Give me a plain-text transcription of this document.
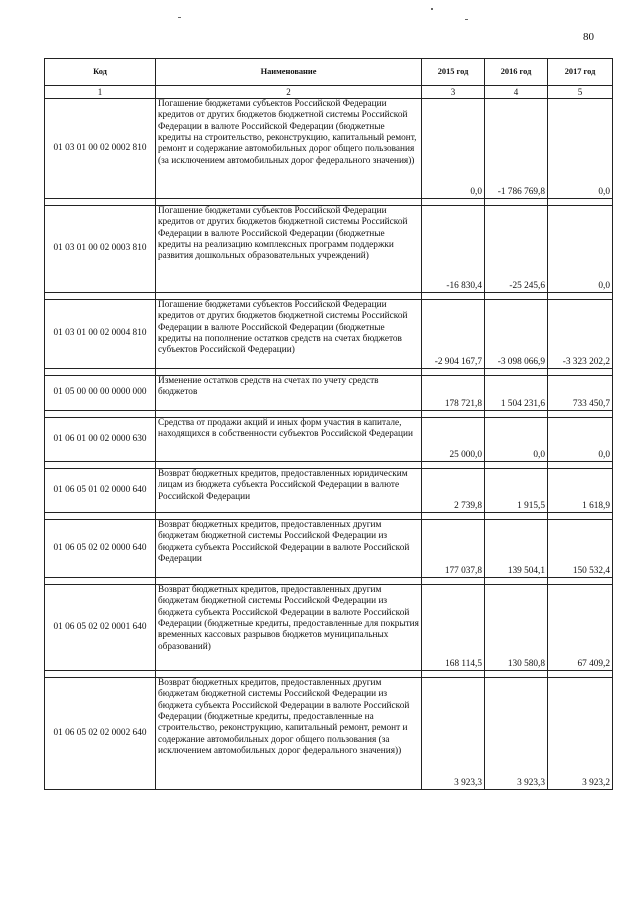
80
Код	Наименование	2015 год	2016 год	2017 год
1	2	3	4	5
01 03 01 00 02 0002 810	Погашение бюджетами субъектов Российской Федерации кредитов от других бюджетов бюджетной системы Российской Федерации в валюте Российской Федерации (бюджетные кредиты на строительство, реконструкцию, капитальный ремонт, ремонт и содержание автомобильных дорог общего пользования (за исключением автомобильных дорог федерального значения))	0,0	-1 786 769,8	0,0

01 03 01 00 02 0003 810	Погашение бюджетами субъектов Российской Федерации кредитов от других бюджетов бюджетной системы Российской Федерации в валюте Российской Федерации (бюджетные кредиты на реализацию комплексных программ поддержки развития дошкольных образовательных учреждений)	-16 830,4	-25 245,6	0,0

01 03 01 00 02 0004 810	Погашение бюджетами субъектов Российской Федерации кредитов от других бюджетов бюджетной системы Российской Федерации в валюте Российской Федерации (бюджетные кредиты на пополнение остатков средств на счетах бюджетов субъектов Российской Федерации)	-2 904 167,7	-3 098 066,9	-3 323 202,2

01 05 00 00 00 0000 000	Изменение остатков средств на счетах по учету средств бюджетов	178 721,8	1 504 231,6	733 450,7

01 06 01 00 02 0000 630	Средства от продажи акций и иных форм участия в капитале, находящихся в собственности субъектов Российской Федерации	25 000,0	0,0	0,0

01 06 05 01 02 0000 640	Возврат бюджетных кредитов, предоставленных юридическим лицам из бюджета субъекта Российской Федерации в валюте Российской Федерации	2 739,8	1 915,5	1 618,9

01 06 05 02 02 0000 640	Возврат бюджетных кредитов, предоставленных другим бюджетам бюджетной системы Российской Федерации из бюджета субъекта Российской Федерации в валюте Российской Федерации	177 037,8	139 504,1	150 532,4

01 06 05 02 02 0001 640	Возврат бюджетных кредитов, предоставленных другим бюджетам бюджетной системы Российской Федерации из бюджета субъекта Российской Федерации в валюте Российской Федерации (бюджетные кредиты, предоставленные для покрытия временных кассовых разрывов бюджетов муниципальных образований)	168 114,5	130 580,8	67 409,2

01 06 05 02 02 0002 640	Возврат бюджетных кредитов, предоставленных другим бюджетам бюджетной системы Российской Федерации из бюджета субъекта Российской Федерации в валюте Российской Федерации (бюджетные кредиты, предоставленные на строительство, реконструкцию, капитальный ремонт, ремонт и содержание автомобильных дорог общего пользования (за исключением автомобильных дорог федерального значения))	3 923,3	3 923,3	3 923,2
